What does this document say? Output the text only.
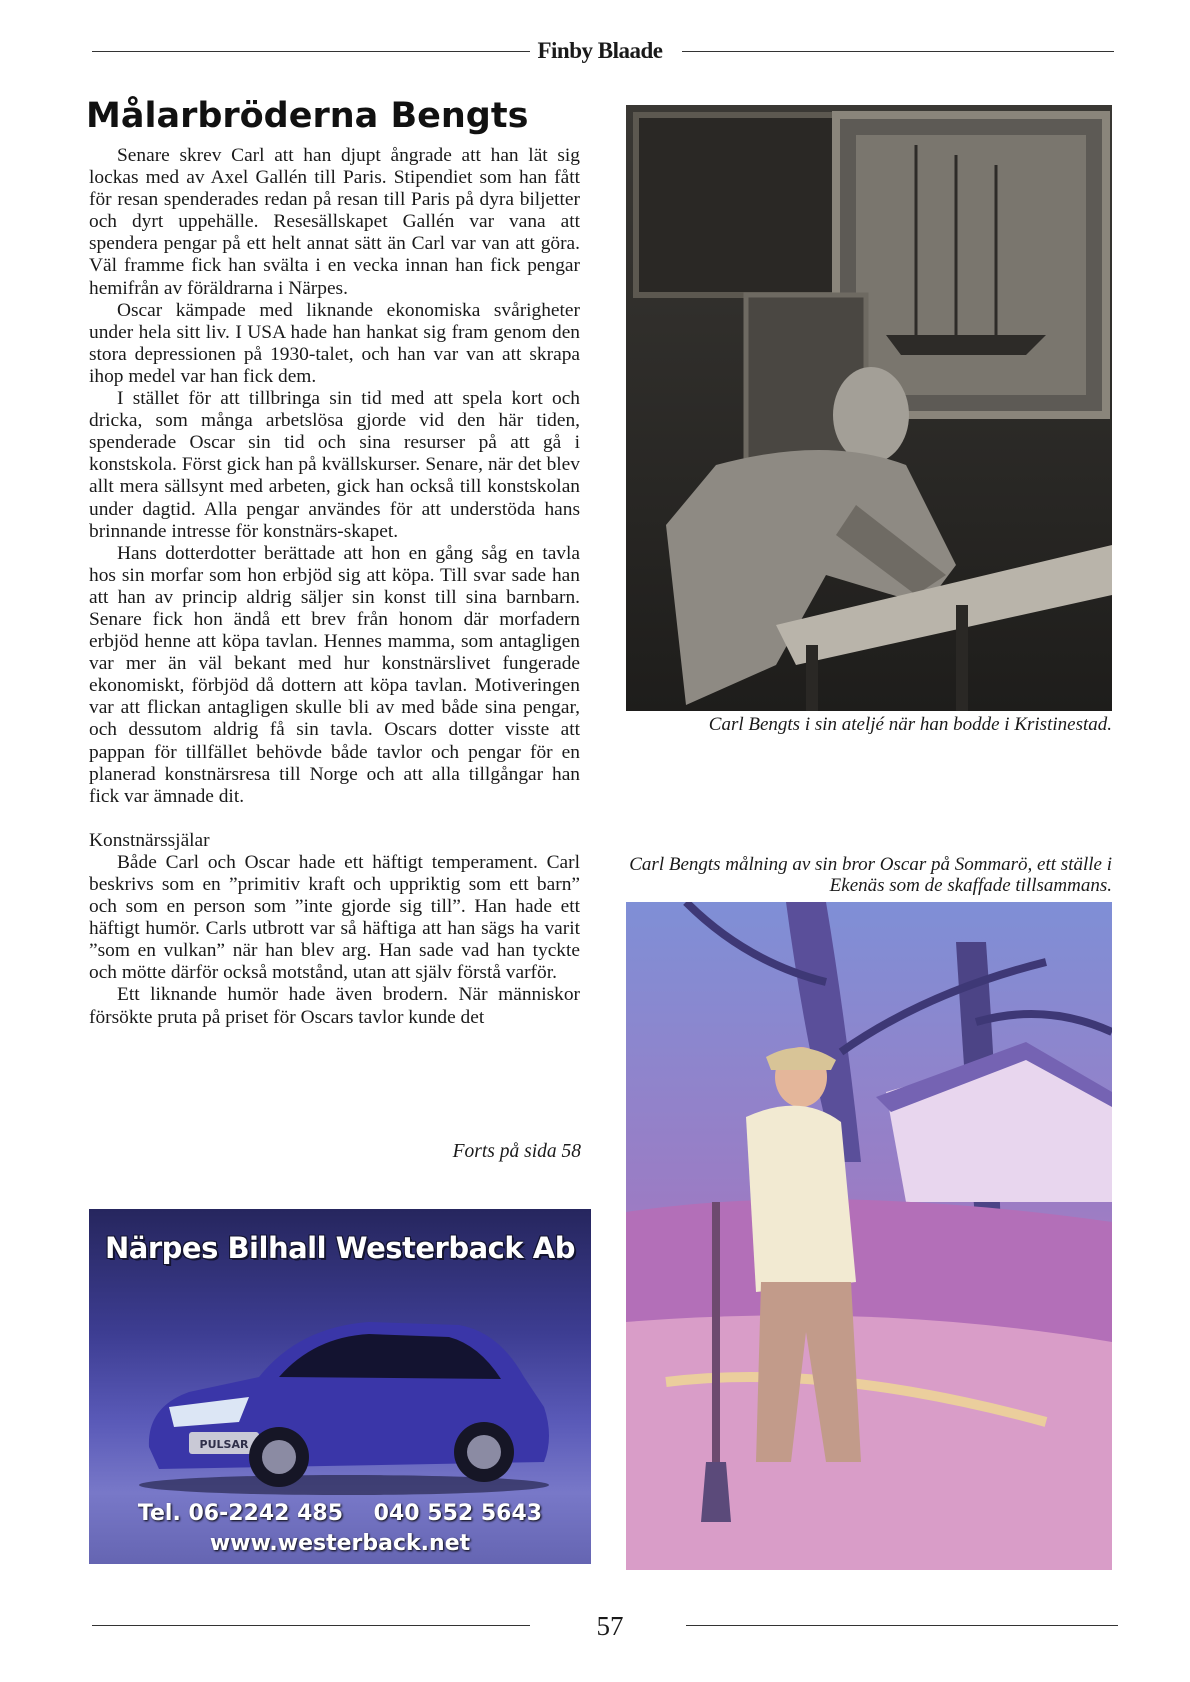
Finby Blaade
Målarbröderna Bengts

Senare skrev Carl att han djupt ångrade att han lät sig lockas med av Axel Gallén till Paris. Stipendiet som han fått för resan spenderades redan på resan till Paris på dyra biljetter och dyrt uppehälle. Resesällskapet Gallén var vana att spendera pengar på ett helt annat sätt än Carl var van att göra. Väl framme fick han svälta i en vecka innan han fick pengar hemifrån av föräldrarna i Närpes.

Oscar kämpade med liknande ekonomiska svårigheter under hela sitt liv. I USA hade han hankat sig fram genom den stora depressionen på 1930-talet, och han var van att skrapa ihop medel var han fick dem.

I stället för att tillbringa sin tid med att spela kort och dricka, som många arbetslösa gjorde vid den här tiden, spenderade Oscar sin tid och sina resurser på att gå i konstskola. Först gick han på kvällskurser. Senare, när det blev allt mera sällsynt med arbeten, gick han också till konstskolan under dagtid. Alla pengar användes för att understöda hans brinnande intresse för konstnärs-skapet.

Hans dotterdotter berättade att hon en gång såg en tavla hos sin morfar som hon erbjöd sig att köpa. Till svar sade han att han av princip aldrig säljer sin konst till sina barnbarn. Senare fick hon ändå ett brev från honom där morfadern erbjöd henne att köpa tavlan. Hennes mamma, som antagligen var mer än väl bekant med hur konstnärslivet fungerade ekonomiskt, förbjöd då dottern att köpa tavlan. Motiveringen var att flickan antagligen skulle bli av med både sina pengar, och dessutom aldrig få sin tavla. Oscars dotter visste att pappan för tillfället behövde både tavlor och pengar för en planerad konstnärsresa till Norge och att alla tillgångar han fick var ämnade dit.

Konstnärssjälar

Både Carl och Oscar hade ett häftigt temperament. Carl beskrivs som en ”primitiv kraft och uppriktig som ett barn” och som en person som ”inte gjorde sig till”. Han hade ett häftigt humör. Carls utbrott var så häftiga att han sägs ha varit ”som en vulkan” när han blev arg. Han sade vad han tyckte och mötte därför också motstånd, utan att själv förstå varför.

Ett liknande humör hade även brodern. När människor försökte pruta på priset för Oscars tavlor kunde det

Forts på sida 58
Carl Bengts i sin ateljé när han bodde i Kristinestad.
Carl Bengts målning av sin bror Oscar på Sommarö, ett ställe i Ekenäs som de skaffade tillsammans.
Närpes Bilhall Westerback Ab
PULSAR
Tel. 06-2242 485    040 552 5643
www.westerback.net
57
